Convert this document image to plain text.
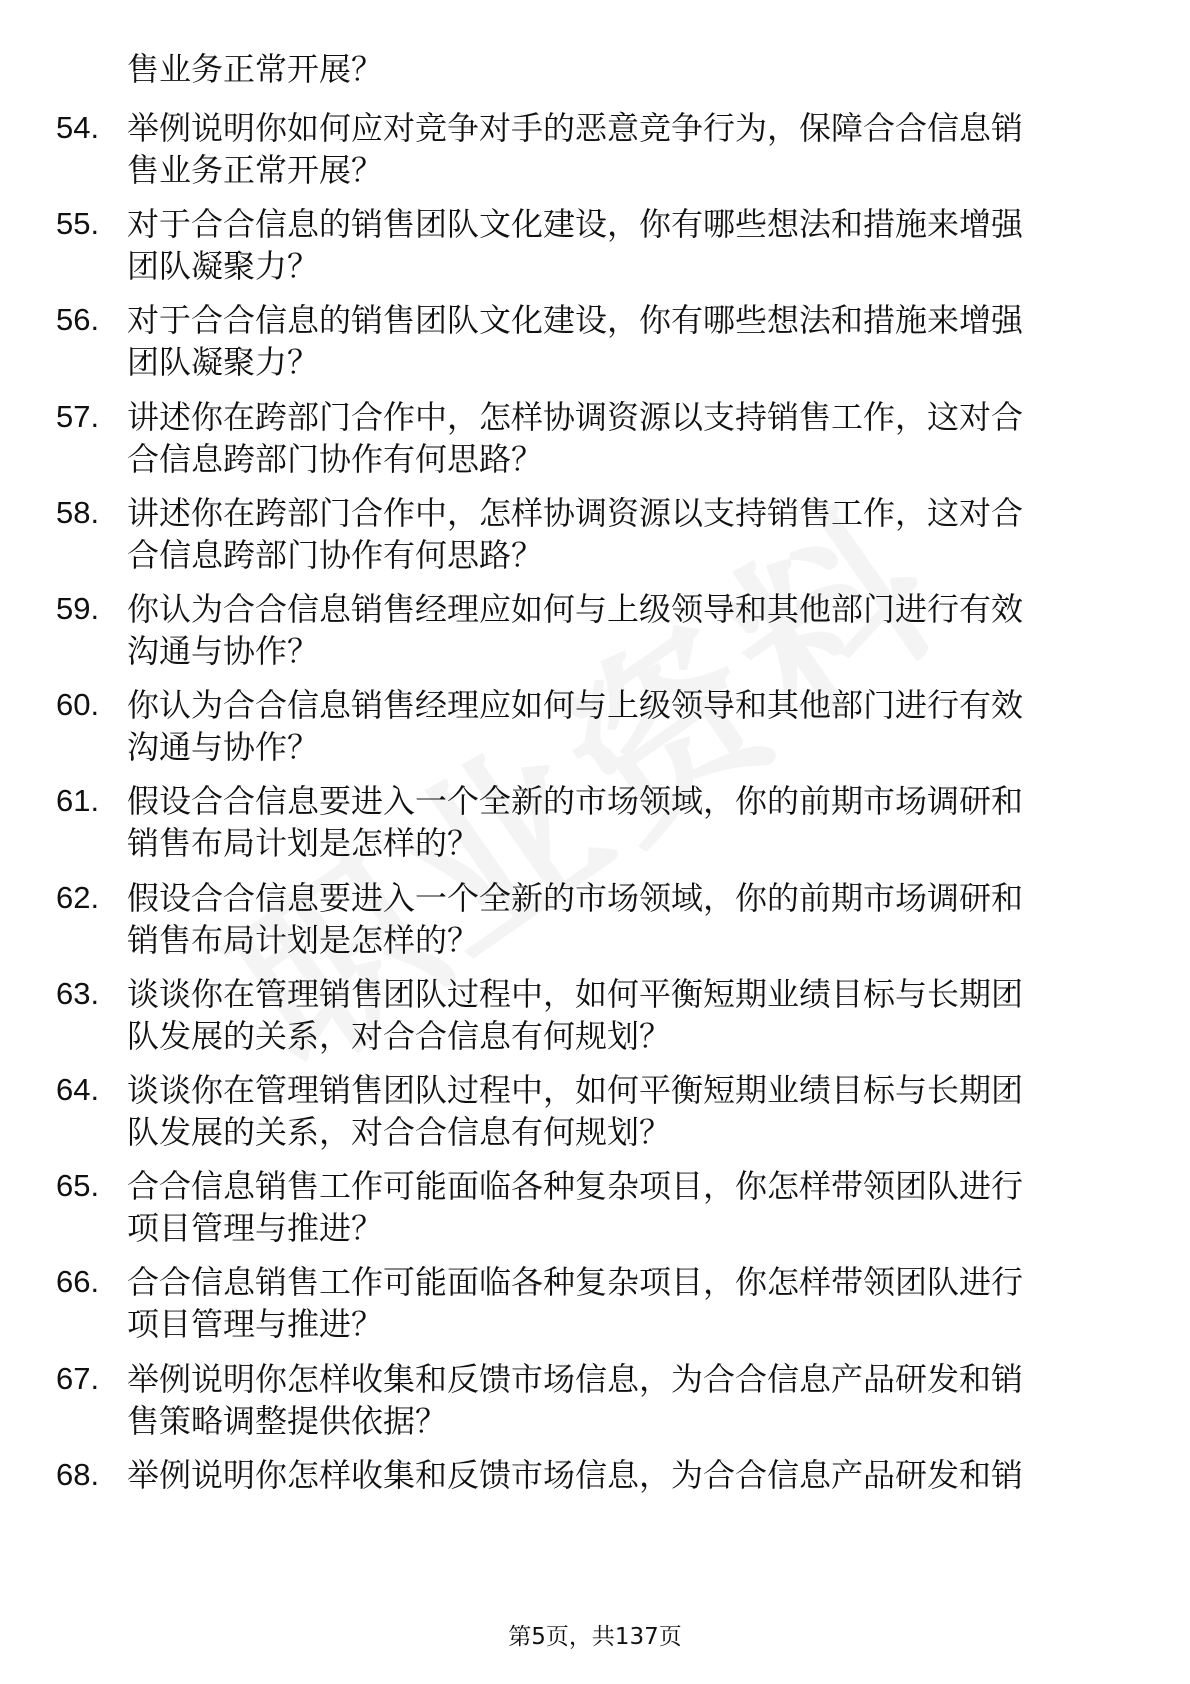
售业务正常开展？
54. 举例说明你如何应对竞争对手的恶意竞争行为，保障合合信息销
售业务正常开展？
55. 对于合合信息的销售团队文化建设，你有哪些想法和措施来增强
团队凝聚力？
56. 对于合合信息的销售团队文化建设，你有哪些想法和措施来增强
团队凝聚力？
57. 讲述你在跨部门合作中，怎样协调资源以支持销售工作，这对合
合信息跨部门协作有何思路？
58. 讲述你在跨部门合作中，怎样协调资源以支持销售工作，这对合
合信息跨部门协作有何思路？
59. 你认为合合信息销售经理应如何与上级领导和其他部门进行有效
沟通与协作？
60. 你认为合合信息销售经理应如何与上级领导和其他部门进行有效
沟通与协作？
61. 假设合合信息要进入一个全新的市场领域，你的前期市场调研和
销售布局计划是怎样的？
62. 假设合合信息要进入一个全新的市场领域，你的前期市场调研和
销售布局计划是怎样的？
63. 谈谈你在管理销售团队过程中，如何平衡短期业绩目标与长期团
队发展的关系，对合合信息有何规划？
64. 谈谈你在管理销售团队过程中，如何平衡短期业绩目标与长期团
队发展的关系，对合合信息有何规划？
65. 合合信息销售工作可能面临各种复杂项目，你怎样带领团队进行
项目管理与推进？
66. 合合信息销售工作可能面临各种复杂项目，你怎样带领团队进行
项目管理与推进？
67. 举例说明你怎样收集和反馈市场信息，为合合信息产品研发和销
售策略调整提供依据？
68. 举例说明你怎样收集和反馈市场信息，为合合信息产品研发和销
第5页，共137页
